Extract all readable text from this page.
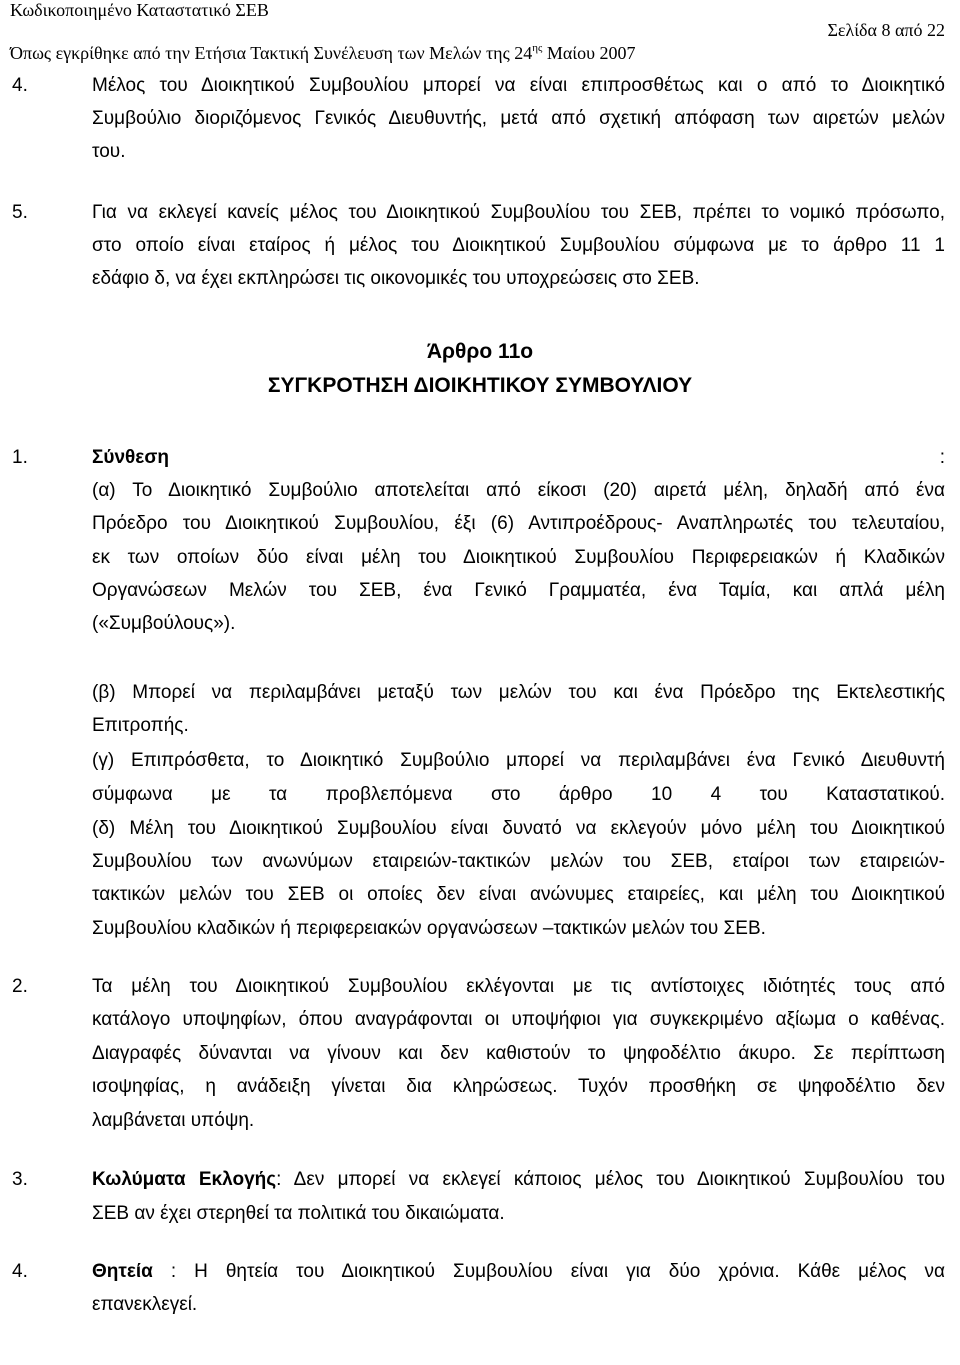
Κωδικοποιημένο Καταστατικό ΣΕΒ
Σελίδα 8 από 22
Όπως εγκρίθηκε από την Ετήσια Τακτική Συνέλευση των Μελών της $24^{\eta\varsigma}$ Μαίου 2007
4.	Μέλος του Διοικητικού Συμβουλίου μπορεί να είναι επιπροσθέτως και ο από το Διοικητικό
Συμβούλιο διοριζόμενος Γενικός Διευθυντής, μετά από σχετική απόφαση των αιρετών μελών
του.
5.	Για να εκλεγεί κανείς μέλος του Διοικητικού Συμβουλίου του ΣΕΒ, πρέπει το νομικό πρόσωπο,
στο οποίο είναι εταίρος ή μέλος του Διοικητικού Συμβουλίου σύμφωνα με το άρθρο 11 1
εδάφιο δ, να έχει εκπληρώσει τις οικονομικές του υποχρεώσεις στο ΣΕΒ.
Άρθρο 11ο
ΣΥΓΚΡΟΤΗΣΗ ΔΙΟΙΚΗΤΙΚΟΥ ΣΥΜΒΟΥΛΙΟΥ
1.	Σύνθεση	:
(α) Το Διοικητικό Συμβούλιο αποτελείται από είκοσι (20) αιρετά μέλη, δηλαδή από ένα
Πρόεδρο του Διοικητικού Συμβουλίου, έξι (6) Αντιπροέδρους- Αναπληρωτές του τελευταίου,
εκ των οποίων δύο είναι μέλη του Διοικητικού Συμβουλίου Περιφερειακών ή Κλαδικών
Οργανώσεων Μελών του ΣΕΒ, ένα Γενικό Γραμματέα, ένα Ταμία, και απλά μέλη
(«Συμβούλους»).
(β) Μπορεί να περιλαμβάνει μεταξύ των μελών του και ένα Πρόεδρο της Εκτελεστικής
Επιτροπής.
(γ) Επιπρόσθετα, το Διοικητικό Συμβούλιο μπορεί να περιλαμβάνει ένα Γενικό Διευθυντή
σύμφωνα με τα προβλεπόμενα στο άρθρο 10 4 του Καταστατικού.
(δ) Μέλη του Διοικητικού Συμβουλίου είναι δυνατό να εκλεγούν μόνο μέλη του Διοικητικού
Συμβουλίου των ανωνύμων εταιρειών-τακτικών μελών του ΣΕΒ, εταίροι των εταιρειών-
τακτικών μελών του ΣΕΒ οι οποίες δεν είναι ανώνυμες εταιρείες, και μέλη του Διοικητικού
Συμβουλίου κλαδικών ή περιφερειακών οργανώσεων –τακτικών μελών του ΣΕΒ.
2.	Τα μέλη του Διοικητικού Συμβουλίου εκλέγονται με τις αντίστοιχες ιδιότητές τους από
κατάλογο υποψηφίων, όπου αναγράφονται οι υποψήφιοι για συγκεκριμένο αξίωμα ο καθένας.
Διαγραφές δύνανται να γίνουν και δεν καθιστούν το ψηφοδέλτιο άκυρο. Σε περίπτωση
ισοψηφίας, η ανάδειξη γίνεται δια κληρώσεως. Τυχόν προσθήκη σε ψηφοδέλτιο δεν
λαμβάνεται υπόψη.
3.	Κωλύματα Εκλογής: Δεν μπορεί να εκλεγεί κάποιος μέλος του Διοικητικού Συμβουλίου του
ΣΕΒ αν έχει στερηθεί τα πολιτικά του δικαιώματα.
4.	Θητεία : Η θητεία του Διοικητικού Συμβουλίου είναι για δύο χρόνια. Κάθε μέλος να
επανεκλεγεί.
